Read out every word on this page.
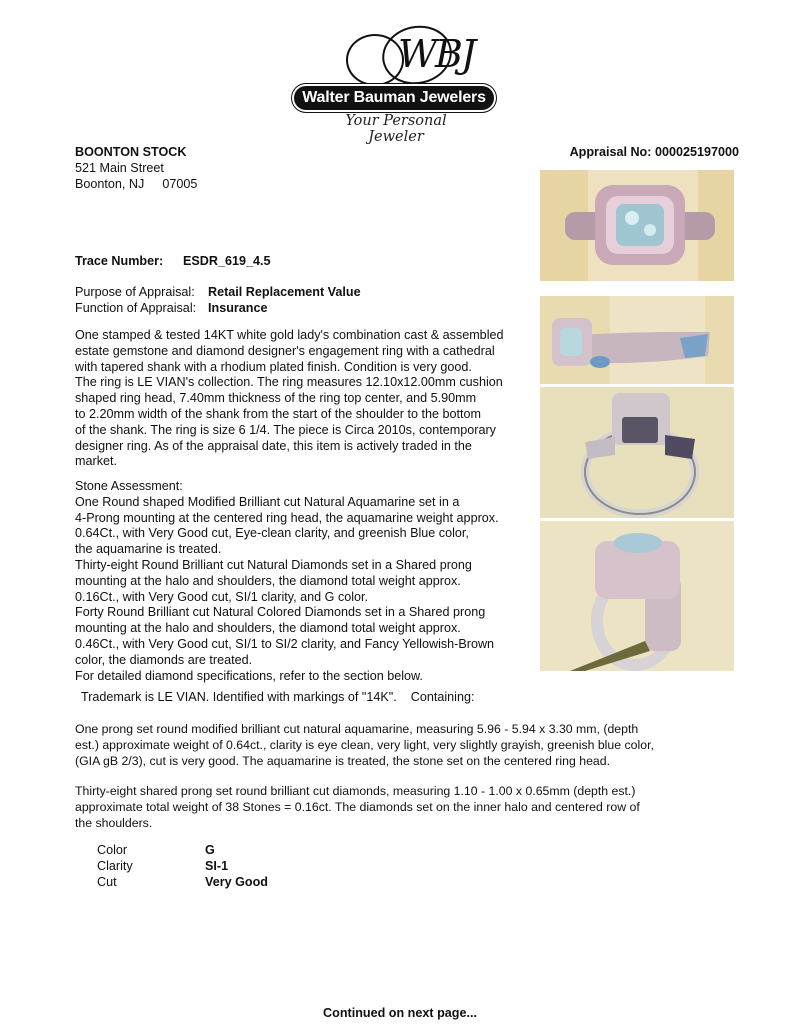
WBJ
Walter Bauman Jewelers
Your Personal Jeweler
BOONTON STOCK
521 Main Street
Boonton, NJ 07005
Appraisal No: 000025197000
Trace Number: ESDR_619_4.5
Purpose of Appraisal:	Retail Replacement Value
Function of Appraisal: Insurance
One stamped & tested 14KT white gold lady's combination cast & assembled
estate gemstone and diamond designer's engagement ring with a cathedral
with tapered shank with a rhodium plated finish. Condition is very good.
The ring is LE VIAN's collection. The ring measures 12.10x12.00mm cushion
shaped ring head, 7.40mm thickness of the ring top center, and 5.90mm
to 2.20mm width of the shank from the start of the shoulder to the bottom
of the shank. The ring is size 6 1/4. The piece is Circa 2010s, contemporary
designer ring. As of the appraisal date, this item is actively traded in the
market.
Stone Assessment:
One Round shaped Modified Brilliant cut Natural Aquamarine set in a
4-Prong mounting at the centered ring head, the aquamarine weight approx.
0.64Ct., with Very Good cut, Eye-clean clarity, and greenish Blue color,
the aquamarine is treated.
Thirty-eight Round Brilliant cut Natural Diamonds set in a Shared prong
mounting at the halo and shoulders, the diamond total weight approx.
0.16Ct., with Very Good cut, SI/1 clarity, and G color.
Forty Round Brilliant cut Natural Colored Diamonds set in a Shared prong
mounting at the halo and shoulders, the diamond total weight approx.
0.46Ct., with Very Good cut, SI/1 to SI/2 clarity, and Fancy Yellowish-Brown
color, the diamonds are treated.
For detailed diamond specifications, refer to the section below.
Trademark is LE VIAN. Identified with markings of "14K".    Containing:
One prong set round modified brilliant cut natural aquamarine, measuring 5.96 - 5.94 x 3.30 mm, (depth
est.) approximate weight of 0.64ct., clarity is eye clean, very light, very slightly grayish, greenish blue color,
(GIA gB 2/3), cut is very good. The aquamarine is treated, the stone set on the centered ring head.
Thirty-eight shared prong set round brilliant cut diamonds, measuring 1.10 - 1.00 x 0.65mm (depth est.)
approximate total weight of 38 Stones = 0.16ct. The diamonds set on the inner halo and centered row of
the shoulders.
Color	G
Clarity	SI-1
Cut	Very Good
Continued on next page...
